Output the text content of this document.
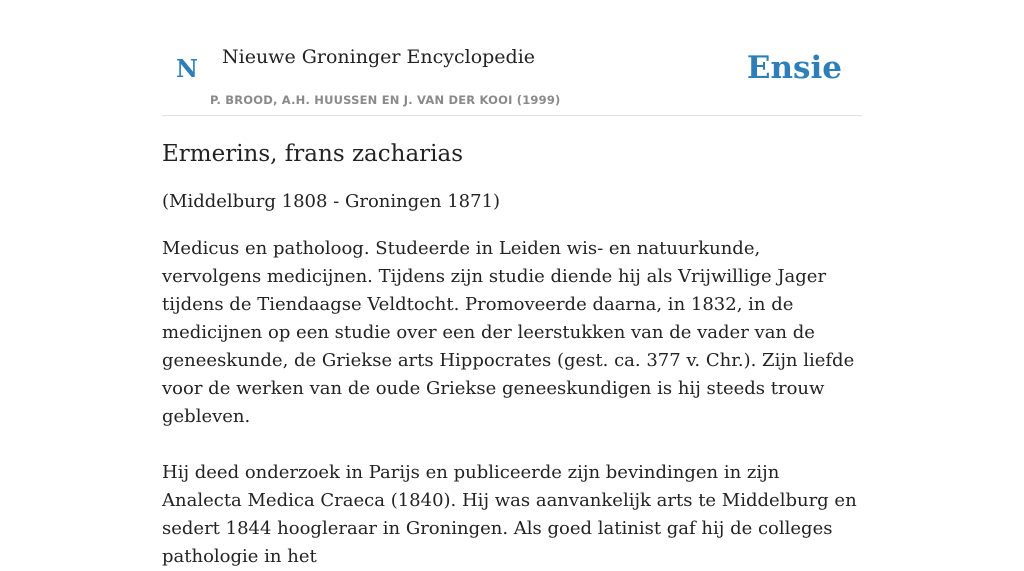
N Nieuwe Groninger Encyclopedie
P. BROOD, A.H. HUUSSEN EN J. VAN DER KOOI (1999)
Ensie
Ermerins, frans zacharias

(Middelburg 1808 - Groningen 1871)

Medicus en patholoog. Studeerde in Leiden wis- en natuurkunde, vervolgens medicijnen. Tijdens zijn studie diende hij als Vrijwillige Jager tijdens de Tiendaagse Veldtocht. Promoveerde daarna, in 1832, in de medicijnen op een studie over een der leerstukken van de vader van de geneeskunde, de Griekse arts Hippocrates (gest. ca. 377 v. Chr.). Zijn liefde voor de werken van de oude Griekse geneeskundigen is hij steeds trouw gebleven.

Hij deed onderzoek in Parijs en publiceerde zijn bevindingen in zijn Analecta Medica Craeca (1840). Hij was aanvankelijk arts te Middelburg en sedert 1844 hoogleraar in Groningen. Als goed latinist gaf hij de colleges pathologie in het
